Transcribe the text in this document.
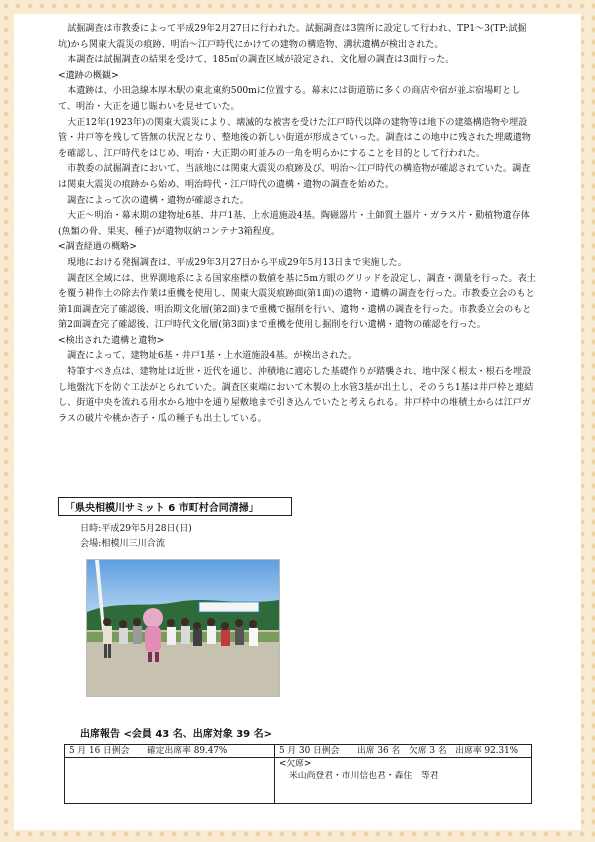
試掘調査は市教委によって平成29年2月27日に行われた。試掘調査は3箇所に設定して行われ、TP1〜3(TP:試掘坑)から関東大震災の痕跡、明治〜江戸時代にかけての建物の構造物、溝状遺構が検出された。

本調査は試掘調査の結果を受けて、185㎡の調査区域が設定され、文化層の調査は3面行った。

<遺跡の概観>

本遺跡は、小田急線本厚木駅の東北東約500mに位置する。幕末には街道筋に多くの商店や宿が並ぶ宿場町として、明治・大正を通じ賑わいを見せていた。

大正12年(1923年)の関東大震災により、壊滅的な被害を受けた江戸時代以降の建物等は地下の建築構造物や埋設管・井戸等を残して皆無の状況となり、整地後の新しい街道が形成さていった。調査はこの地中に残された埋蔵遺物を確認し、江戸時代をはじめ、明治・大正期の町並みの一角を明らかにすることを目的として行われた。

市教委の試掘調査において、当該地には関東大震災の痕跡及び、明治〜江戸時代の構造物が確認されていた。調査は関東大震災の痕跡から始め、明治時代・江戸時代の遺構・遺物の調査を始めた。

調査によって次の遺構・遺物が確認された。

大正〜明治・幕末期の建物址6基、井戸1基、上水道施設4基。陶磁器片・土師質土器片・ガラス片・動植物遺存体(魚類の骨、果実、種子)が遺物収納コンテナ3箱程度。

<調査経過の概略>

現地における発掘調査は、平成29年3月27日から平成29年5月13日まで実施した。

調査区全域には、世界測地系による国家座標の数値を基に5m方眼のグリッドを設定し、調査・測量を行った。表土を覆う耕作土の除去作業は重機を使用し、関東大震災痕跡面(第1面)の遺物・遺構の調査を行った。市教委立会のもと第1面調査完了確認後、明治期文化層(第2面)まで重機で掘削を行い、遺物・遺構の調査を行った。市教委立会のもと第2面調査完了確認後、江戸時代文化層(第3面)まで重機を使用し掘削を行い遺構・遺物の確認を行った。

<検出された遺構と遺物>

調査によって、建物址6基・井戸1基・上水道施設4基。が検出された。

特筆すべき点は、建物址は近世・近代を通じ、沖積地に適応した基礎作りが踏襲され、地中深く根太・根石を埋設し地盤沈下を防ぐ工法がとられていた。調査区東端において木製の上水管3基が出土し、そのうち1基は井戸枠と連結し、街道中央を流れる用水から地中を通り屋敷地まで引き込んでいたと考えられる。井戸枠中の堆積土からは江戸ガラスの破片や桃か杏子・瓜の種子も出土している。

「県央相模川サミット 6 市町村合同清掃」
日時:平成29年5月28日(日)
会場:相模川三川合流
出席報告 <会員 43 名、出席対象 39 名>
5 月 16 日例会　　確定出席率 89.47%	5 月 30 日例会　　出席 36 名　欠席 3 名　出席率 92.31%
<欠席>
米山尚登君・市川信也君・森住　等君
